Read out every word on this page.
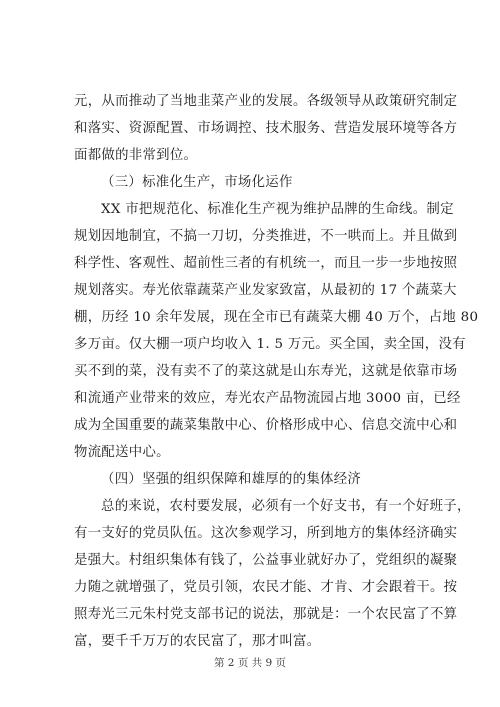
元，从而推动了当地韭菜产业的发展。各级领导从政策研究制定
和落实、资源配置、市场调控、技术服务、营造发展环境等各方
面都做的非常到位。
（三）标准化生产，市场化运作
XX 市把规范化、标准化生产视为维护品牌的生命线。制定
规划因地制宜，不搞一刀切，分类推进，不一哄而上。并且做到
科学性、客观性、超前性三者的有机统一，而且一步一步地按照
规划落实。寿光依靠蔬菜产业发家致富，从最初的 17 个蔬菜大
棚，历经 10 余年发展，现在全市已有蔬菜大棚 40 万个，占地 80
多万亩。仅大棚一项户均收入 1. 5 万元。买全国，卖全国，没有
买不到的菜，没有卖不了的菜这就是山东寿光，这就是依靠市场
和流通产业带来的效应，寿光农产品物流园占地 3000 亩，已经
成为全国重要的蔬菜集散中心、价格形成中心、信息交流中心和
物流配送中心。
（四）坚强的组织保障和雄厚的的集体经济
总的来说，农村要发展，必须有一个好支书，有一个好班子，
有一支好的党员队伍。这次参观学习，所到地方的集体经济确实
是强大。村组织集体有钱了，公益事业就好办了，党组织的凝聚
力随之就增强了，党员引领，农民才能、才肯、才会跟着干。按
照寿光三元朱村党支部书记的说法，那就是：一个农民富了不算
富，要千千万万的农民富了，那才叫富。
第 2 页 共 9 页
